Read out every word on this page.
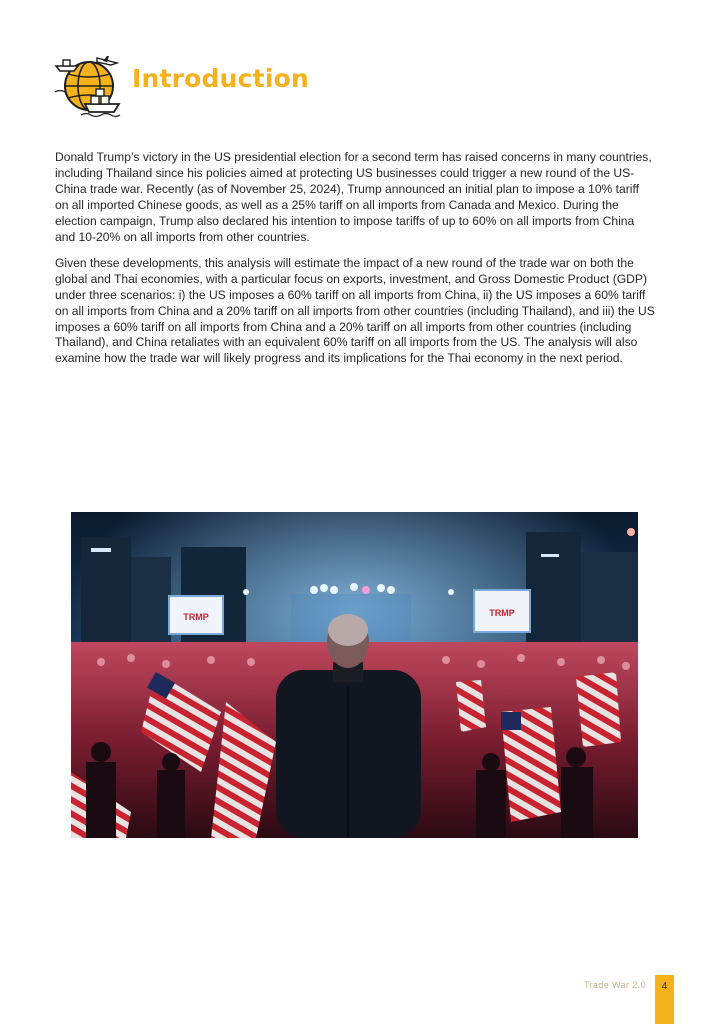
Introduction

Donald Trump’s victory in the US presidential election for a second term has raised concerns in many countries, including Thailand since his policies aimed at protecting US businesses could trigger a new round of the US-China trade war. Recently (as of November 25, 2024), Trump announced an initial plan to impose a 10% tariff on all imported Chinese goods, as well as a 25% tariff on all imports from Canada and Mexico. During the election campaign, Trump also declared his intention to impose tariffs of up to 60% on all imports from China and 10-20% on all imports from other countries.

Given these developments, this analysis will estimate the impact of a new round of the trade war on both the global and Thai economies, with a particular focus on exports, investment, and Gross Domestic Product (GDP) under three scenarios: i) the US imposes a 60% tariff on all imports from China, ii) the US imposes a 60% tariff on all imports from China and a 20% tariff on all imports from other countries (including Thailand), and iii) the US imposes a 60% tariff on all imports from China and a 20% tariff on all imports from other countries (including Thailand), and China retaliates with an equivalent 60% tariff on all imports from the US. The analysis will also examine how the trade war will likely progress and its implications for the Thai economy in the next period.

TRMP	TRMP
Trade War 2.0	4
